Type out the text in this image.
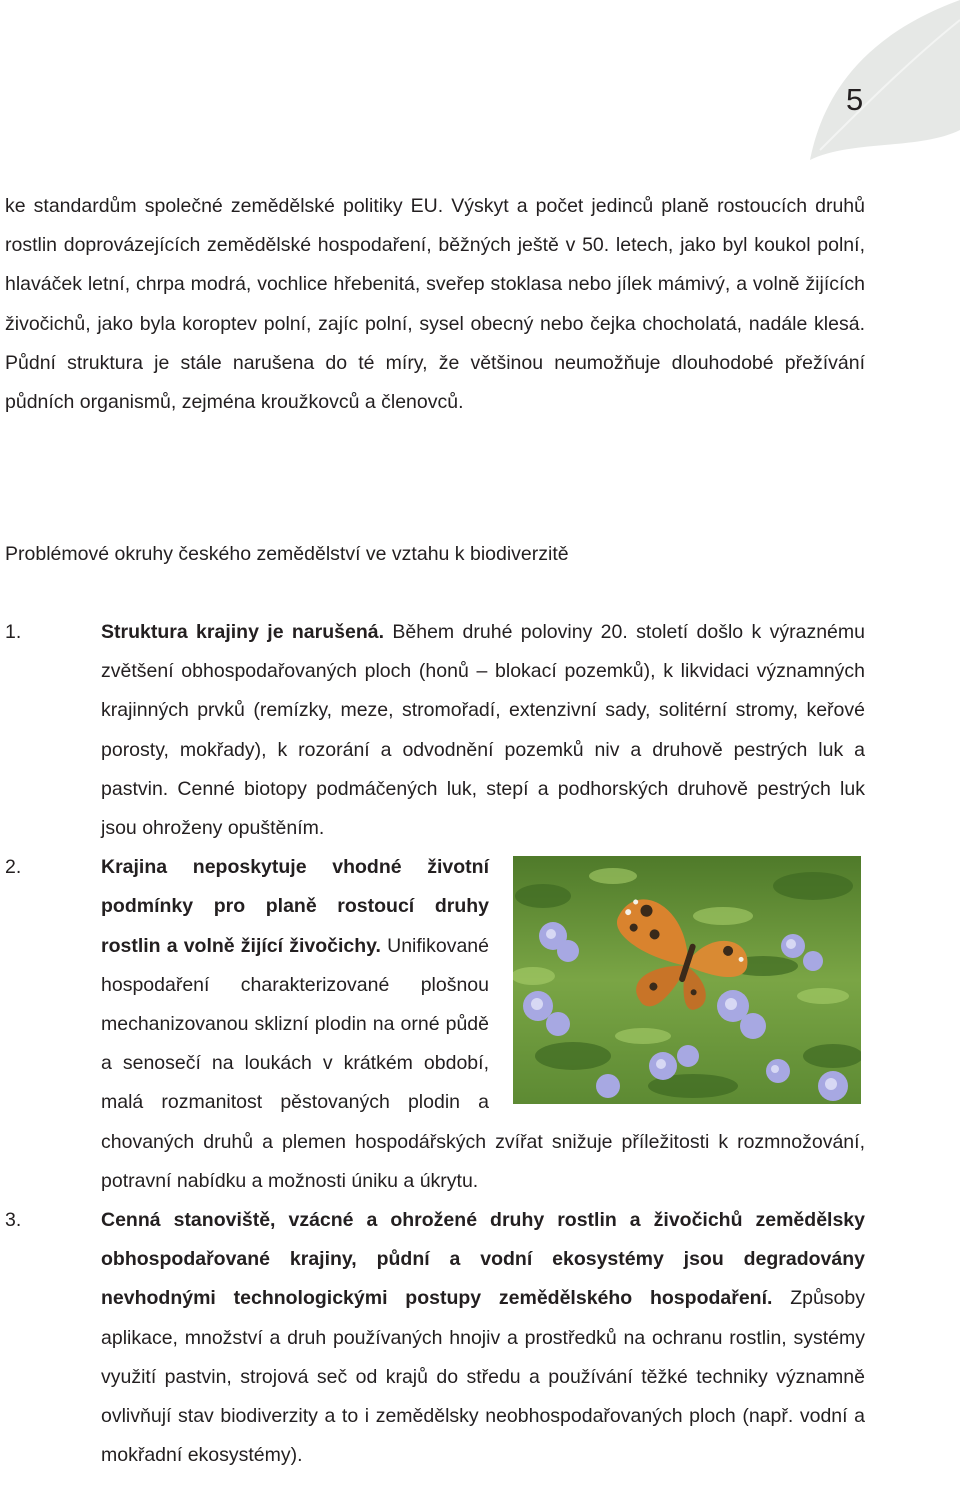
5

ke standardům společné zemědělské politiky EU. Výskyt a počet jedinců planě rostoucích druhů rostlin doprovázejících zemědělské hospodaření, běžných ještě v 50. letech, jako byl koukol polní, hlaváček letní, chrpa modrá, vochlice hřebenitá, sveřep stoklasa nebo jílek mámivý, a volně žijících živočichů, jako byla koroptev polní, zajíc polní, sysel obecný nebo čejka chocholatá, nadále klesá. Půdní struktura je stále narušena do té míry, že většinou neumožňuje dlouhodobé přežívání půdních organismů, zejména kroužkovců a členovců.

Problémové okruhy českého zemědělství ve vztahu k biodiverzitě

1.	Struktura krajiny je narušená. Během druhé poloviny 20. století došlo k výraznému zvětšení obhospodařovaných ploch (honů – blokací pozemků), k likvidaci významných krajinných prvků (remízky, meze, stromořadí, extenzivní sady, solitérní stromy, keřové porosty, mokřady), k rozorání a odvodnění pozemků niv a druhově pestrých luk a pastvin. Cenné biotopy podmáčených luk, stepí a podhorských druhově pestrých luk jsou ohroženy opuštěním.
2.	Krajina neposkytuje vhodné životní podmínky pro planě rostoucí druhy rostlin a volně žijící živočichy. Unifikované hospodaření charakterizované plošnou mechanizovanou sklizní plodin na orné půdě a senosečí na loukách v krátkém období, malá rozmanitost pěstovaných plodin a chovaných druhů a plemen hospodářských zvířat snižuje příležitosti k rozmnožování, potravní nabídku a možnosti úniku a úkrytu.
3.	Cenná stanoviště, vzácné a ohrožené druhy rostlin a živočichů zemědělsky obhospodařované krajiny, půdní a vodní ekosystémy jsou degradovány nevhodnými technologickými postupy zemědělského hospodaření. Způsoby aplikace, množství a druh používaných hnojiv a prostředků na ochranu rostlin, systémy využití pastvin, strojová seč od krajů do středu a používání těžké techniky významně ovlivňují stav biodiverzity a to i zemědělsky neobhospodařovaných ploch (např. vodní a mokřadní ekosystémy).
